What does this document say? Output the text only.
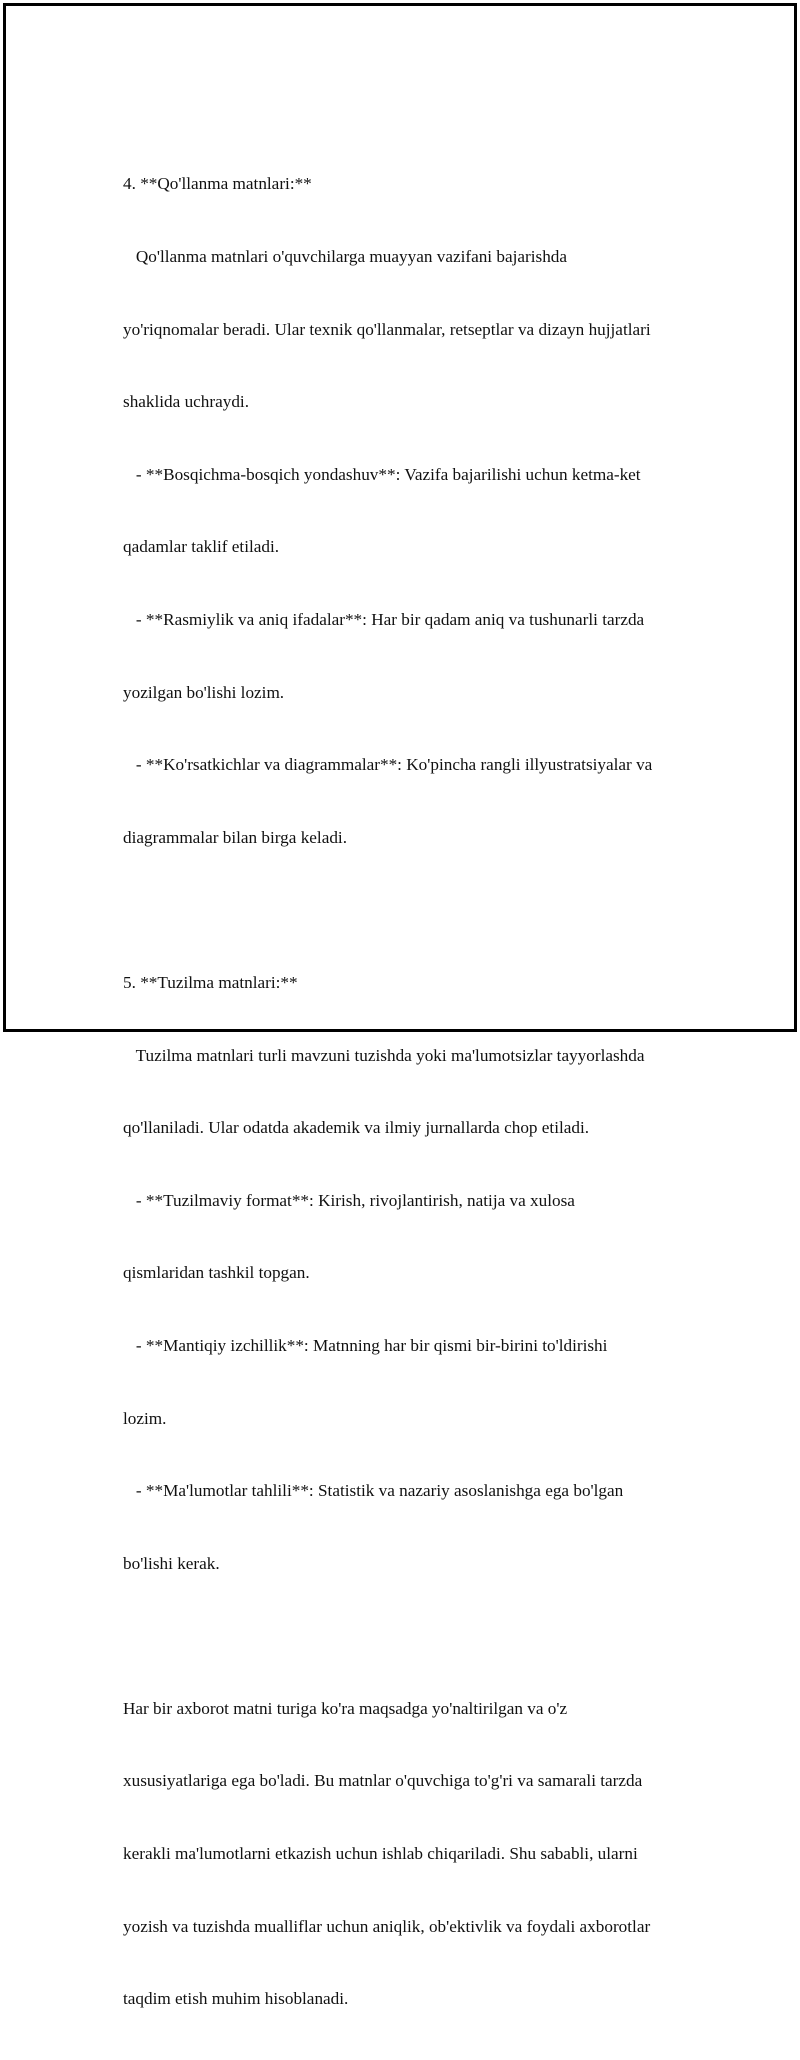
4. **Qo'llanma matnlari:**

Qo'llanma matnlari o'quvchilarga muayyan vazifani bajarishda

yo'riqnomalar beradi. Ular texnik qo'llanmalar, retseptlar va dizayn hujjatlari

shaklida uchraydi.

- **Bosqichma-bosqich yondashuv**: Vazifa bajarilishi uchun ketma-ket

qadamlar taklif etiladi.

- **Rasmiylik va aniq ifadalar**: Har bir qadam aniq va tushunarli tarzda

yozilgan bo'lishi lozim.

- **Ko'rsatkichlar va diagrammalar**: Ko'pincha rangli illyustratsiyalar va

diagrammalar bilan birga keladi.

5. **Tuzilma matnlari:**

Tuzilma matnlari turli mavzuni tuzishda yoki ma'lumotsizlar tayyorlashda

qo'llaniladi. Ular odatda akademik va ilmiy jurnallarda chop etiladi.

- **Tuzilmaviy format**: Kirish, rivojlantirish, natija va xulosa

qismlaridan tashkil topgan.

- **Mantiqiy izchillik**: Matnning har bir qismi bir-birini to'ldirishi

lozim.

- **Ma'lumotlar tahlili**: Statistik va nazariy asoslanishga ega bo'lgan

bo'lishi kerak.

Har bir axborot matni turiga ko'ra maqsadga yo'naltirilgan va o'z

xususiyatlariga ega bo'ladi. Bu matnlar o'quvchiga to'g'ri va samarali tarzda

kerakli ma'lumotlarni etkazish uchun ishlab chiqariladi. Shu sababli, ularni

yozish va tuzishda mualliflar uchun aniqlik, ob'ektivlik va foydali axborotlar

taqdim etish muhim hisoblanadi.
